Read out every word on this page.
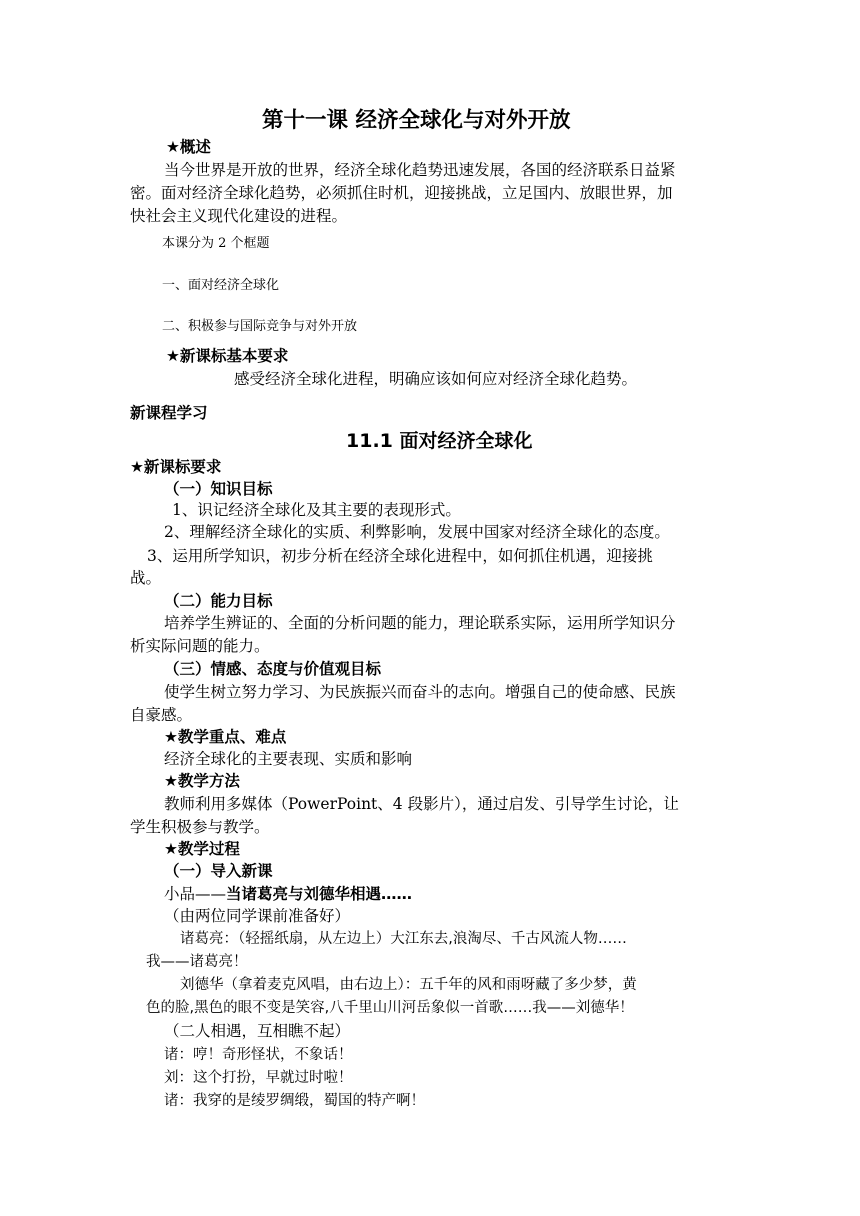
第十一课 经济全球化与对外开放
★概述
当今世界是开放的世界，经济全球化趋势迅速发展，各国的经济联系日益紧
密。面对经济全球化趋势，必须抓住时机，迎接挑战，立足国内、放眼世界，加
快社会主义现代化建设的进程。
本课分为 2 个框题
一、面对经济全球化
二、积极参与国际竞争与对外开放
★新课标基本要求
感受经济全球化进程，明确应该如何应对经济全球化趋势。
新课程学习
11.1 面对经济全球化
★新课标要求
（一）知识目标
1、识记经济全球化及其主要的表现形式。
2、理解经济全球化的实质、利弊影响，发展中国家对经济全球化的态度。
3、运用所学知识，初步分析在经济全球化进程中，如何抓住机遇，迎接挑
战。
（二）能力目标
培养学生辨证的、全面的分析问题的能力，理论联系实际，运用所学知识分
析实际问题的能力。
（三）情感、态度与价值观目标
使学生树立努力学习、为民族振兴而奋斗的志向。增强自己的使命感、民族
自豪感。
★教学重点、难点
经济全球化的主要表现、实质和影响
★教学方法
教师利用多媒体（PowerPoint、4 段影片），通过启发、引导学生讨论，让
学生积极参与教学。
★教学过程
（一）导入新课
小品——当诸葛亮与刘德华相遇……
（由两位同学课前准备好）
诸葛亮：（轻摇纸扇，从左边上）大江东去,浪淘尽、千古风流人物……
我——诸葛亮！
刘德华（拿着麦克风唱，由右边上）：五千年的风和雨呀藏了多少梦，黄
色的脸,黑色的眼不变是笑容,八千里山川河岳象似一首歌……我——刘德华！
（二人相遇，互相瞧不起）
诸：哼！奇形怪状，不象话！
刘：这个打扮，早就过时啦！
诸：我穿的是绫罗绸缎，蜀国的特产啊！
